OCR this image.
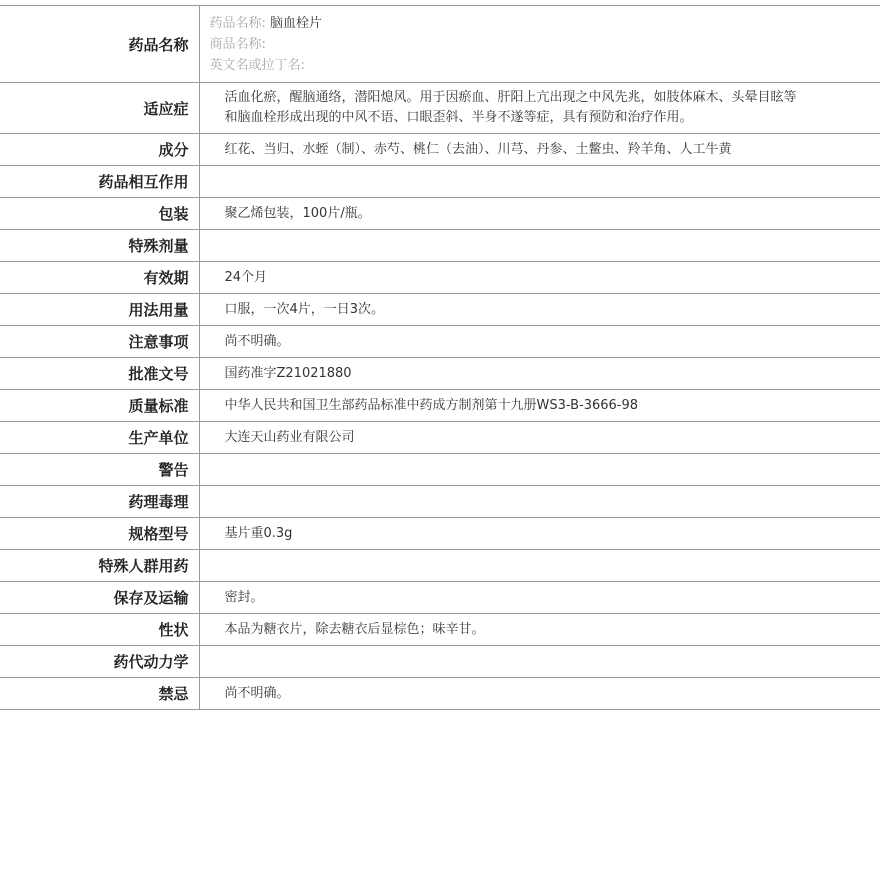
药品名称	药品名称: 脑血栓片
商品名称:
英文名或拉丁名:

适应症	活血化瘀，醒脑通络，潜阳熄风。用于因瘀血、肝阳上亢出现之中风先兆，如肢体麻木、头晕目眩等和脑血栓形成出现的中风不语、口眼歪斜、半身不遂等症，具有预防和治疗作用。
成分	红花、当归、水蛭（制）、赤芍、桃仁（去油）、川芎、丹参、土鳖虫、羚羊角、人工牛黄
药品相互作用	
包装	聚乙烯包装，100片/瓶。
特殊剂量	
有效期	24个月
用法用量	口服，一次4片，一日3次。
注意事项	尚不明确。
批准文号	国药准字Z21021880
质量标准	中华人民共和国卫生部药品标准中药成方制剂第十九册WS3-B-3666-98
生产单位	大连天山药业有限公司
警告	
药理毒理	
规格型号	基片重0.3g
特殊人群用药	
保存及运输	密封。
性状	本品为糖衣片，除去糖衣后显棕色；味辛甘。
药代动力学	
禁忌	尚不明确。
